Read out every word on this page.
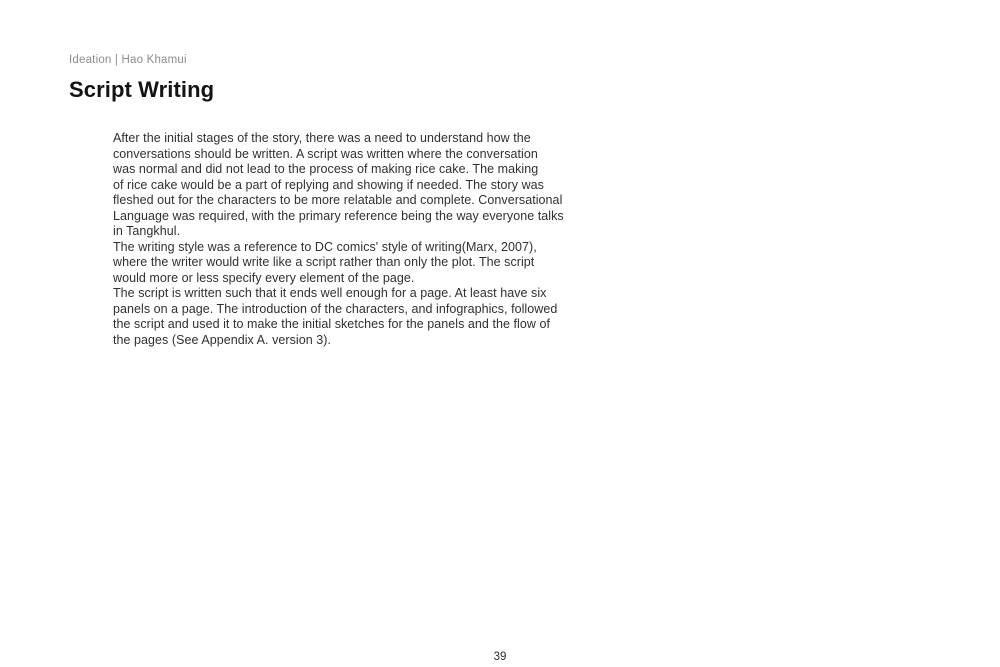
Ideation | Hao Khamui
Script Writing

After the initial stages of the story, there was a need to understand how the
conversations should be written. A script was written where the conversation
was normal and did not lead to the process of making rice cake. The making
of rice cake would be a part of replying and showing if needed. The story was
fleshed out for the characters to be more relatable and complete. Conversational
Language was required, with the primary reference being the way everyone talks
in Tangkhul.

The writing style was a reference to DC comics' style of writing(Marx, 2007),
where the writer would write like a script rather than only the plot. The script
would more or less specify every element of the page.

The script is written such that it ends well enough for a page. At least have six
panels on a page. The introduction of the characters, and infographics, followed
the script and used it to make the initial sketches for the panels and the flow of
the pages (See Appendix A. version 3).

39
